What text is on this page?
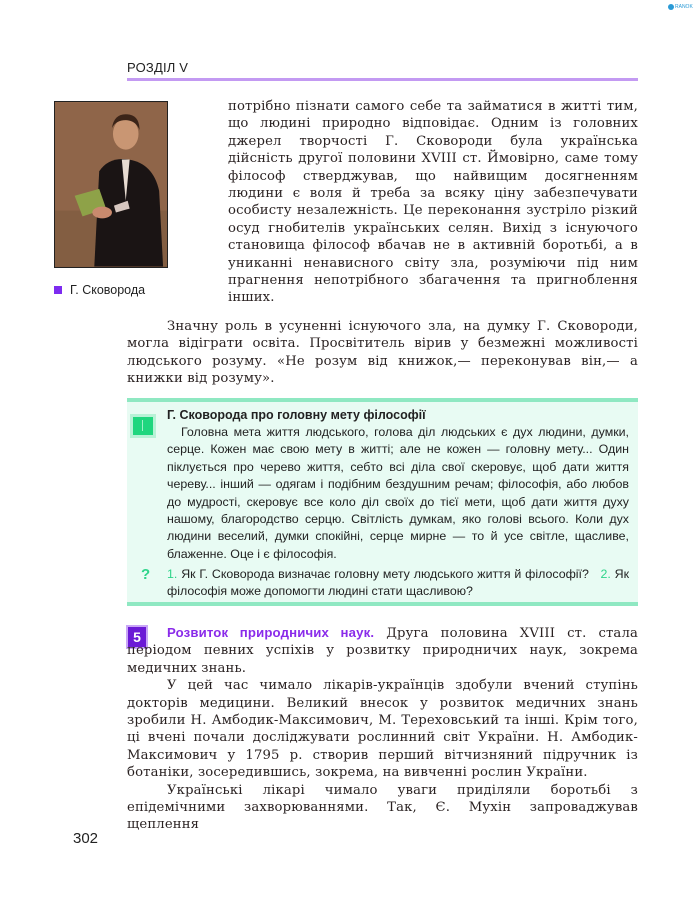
RANOK
РОЗДІЛ V
Г. Сковорода
потрібно пізнати самого себе та займатися в житті тим, що людині природно відповідає. Одним із головних джерел творчості Г. Сковороди була українська дійсність другої половини XVIII ст. Ймовірно, саме тому філософ стверджував, що найвищим досягненням людини є воля й треба за всяку ціну забезпечувати особисту незалежність. Це переконання зустріло різкий осуд гнобителів українських селян. Вихід з існуючого становища філософ вбачав не в активній боротьбі, а в униканні ненависного світу зла, розуміючи під ним прагнення непотрібного збагачення та пригноблення інших.
Значну роль в усуненні існуючого зла, на думку Г. Сковороди, могла відіграти освіта. Просвітитель вірив у безмежні можливості людського розуму. «Не розум від книжок,— переконував він,— а книжки від розуму».
Г. Сковорода про головну мету філософії
Головна мета життя людського, голова діл людських є дух людини, думки, серце. Кожен має свою мету в житті; але не кожен — головну мету... Один піклується про черево життя, себто всі діла свої скеровує, щоб дати життя череву... інший — одягам і подібним бездушним речам; філософія, або любов до мудрості, скеровує все коло діл своїх до тієї мети, щоб дати життя духу нашому, благородство серцю. Світлість думкам, яко голові всього. Коли дух людини веселий, думки спокійні, серце мирне — то й усе світле, щасливе, блаженне. Оце і є філософія.
? 1. Як Г. Сковорода визначає головну мету людського життя й філософії? 2. Як філософія може допомогти людині стати щасливою?
5	Розвиток природничих наук. Друга половина XVIII ст. стала періодом певних успіхів у розвитку природничих наук, зокрема медичних знань.
У цей час чимало лікарів-українців здобули вчений ступінь докторів медицини. Великий внесок у розвиток медичних знань зробили Н. Амбодик-Максимович, М. Тереховський та інші. Крім того, ці вчені почали досліджувати рослинний світ України. Н. Амбодик-Максимович у 1795 р. створив перший вітчизняний підручник із ботаніки, зосередившись, зокрема, на вивченні рослин України.
Українські лікарі чимало уваги приділяли боротьбі з епідемічними захворюваннями. Так, Є. Мухін запроваджував щеплення
302
